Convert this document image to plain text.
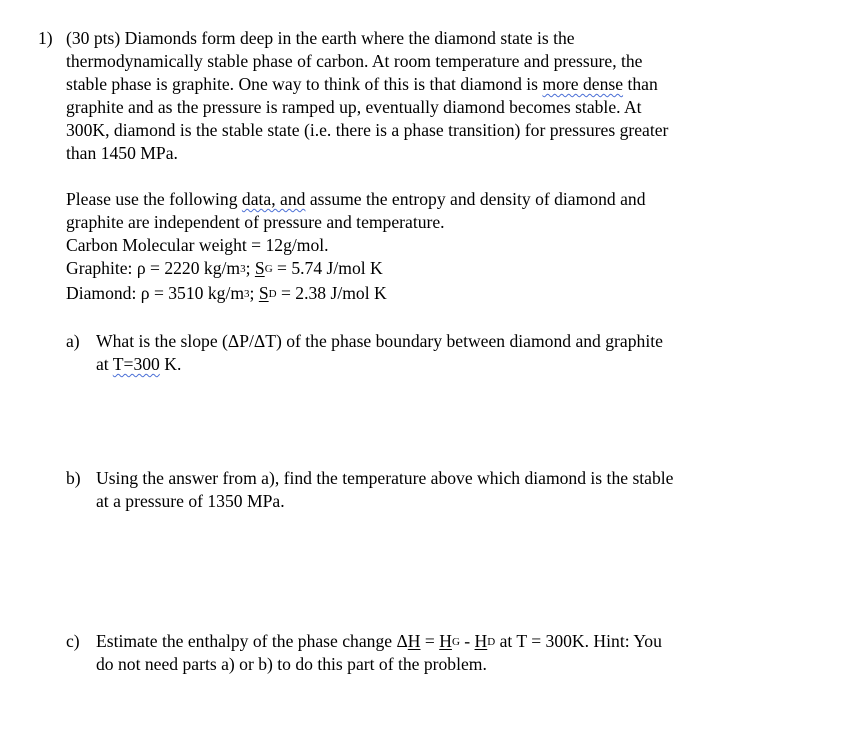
1) (30 pts) Diamonds form deep in the earth where the diamond state is the
thermodynamically stable phase of carbon. At room temperature and pressure, the
stable phase is graphite. One way to think of this is that diamond is more dense than
graphite and as the pressure is ramped up, eventually diamond becomes stable. At
300K, diamond is the stable state (i.e. there is a phase transition) for pressures greater
than 1450 MPa.
Please use the following data, and assume the entropy and density of diamond and
graphite are independent of pressure and temperature.
Carbon Molecular weight = 12g/mol.
Graphite: ρ = 2220 $kg/m^3$; $S^G = 5.74$ J/mol K
Diamond: ρ = 3510 $kg/m^3$; $S^D = 2.38$ J/mol K
a) What is the slope (ΔP/ΔT) of the phase boundary between diamond and graphite
at T=300 K.
b) Using the answer from a), find the temperature above which diamond is the stable
at a pressure of 1350 MPa.
c) Estimate the enthalpy of the phase change $\Delta H = H^G - H^D$ at T = 300K. Hint: You
do not need parts a) or b) to do this part of the problem.
